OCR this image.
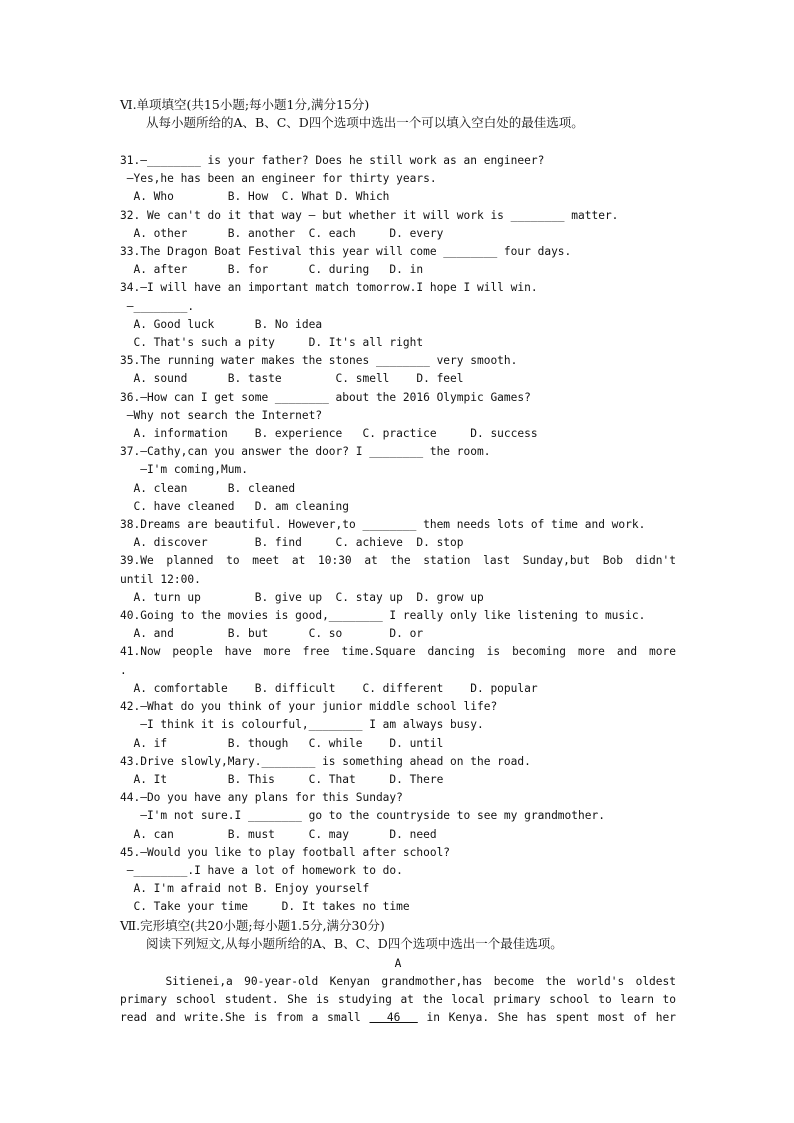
Ⅵ.单项填空(共15小题;每小题1分,满分15分)

从每小题所给的A、B、C、D四个选项中选出一个可以填入空白处的最佳选项。

31.—________ is your father? Does he still work as an engineer?

—Yes,he has been an engineer for thirty years.

A. Who        B. How  C. What D. Which

32. We can't do it that way — but whether it will work is ________ matter.

A. other      B. another  C. each     D. every

33.The Dragon Boat Festival this year will come ________ four days.

A. after      B. for      C. during   D. in

34.—I will have an important match tomorrow.I hope I will win.

—________.

A. Good luck      B. No idea

C. That's such a pity     D. It's all right

35.The running water makes the stones ________ very smooth.

A. sound      B. taste        C. smell    D. feel

36.—How can I get some ________ about the 2016 Olympic Games?

—Why not search the Internet?

A. information    B. experience   C. practice     D. success

37.—Cathy,can you answer the door? I ________ the room.

—I'm coming,Mum.

A. clean      B. cleaned

C. have cleaned   D. am cleaning

38.Dreams are beautiful. However,to ________ them needs lots of time and work.

A. discover       B. find     C. achieve  D. stop

39.We planned to meet at 10:30 at the station last Sunday,but Bob didn't

until 12:00.

A. turn up        B. give up  C. stay up  D. grow up

40.Going to the movies is good,________ I really only like listening to music.

A. and        B. but      C. so       D. or

41.Now people have more free time.Square dancing is becoming more and more

.

A. comfortable    B. difficult    C. different    D. popular

42.—What do you think of your junior middle school life?

—I think it is colourful,________ I am always busy.

A. if         B. though   C. while    D. until

43.Drive slowly,Mary.________ is something ahead on the road.

A. It         B. This     C. That     D. There

44.—Do you have any plans for this Sunday?

—I'm not sure.I ________ go to the countryside to see my grandmother.

A. can        B. must     C. may      D. need

45.—Would you like to play football after school?

—________.I have a lot of homework to do.

A. I'm afraid not B. Enjoy yourself

C. Take your time     D. It takes no time

Ⅶ.完形填空(共20小题;每小题1.5分,满分30分)

阅读下列短文,从每小题所给的A、B、C、D四个选项中选出一个最佳选项。

A

Sitienei,a 90-year-old Kenyan grandmother,has become the world's oldest

primary school student. She is studying at the local primary school to learn to

read and write.She is from a small   46   in Kenya. She has spent most of her
